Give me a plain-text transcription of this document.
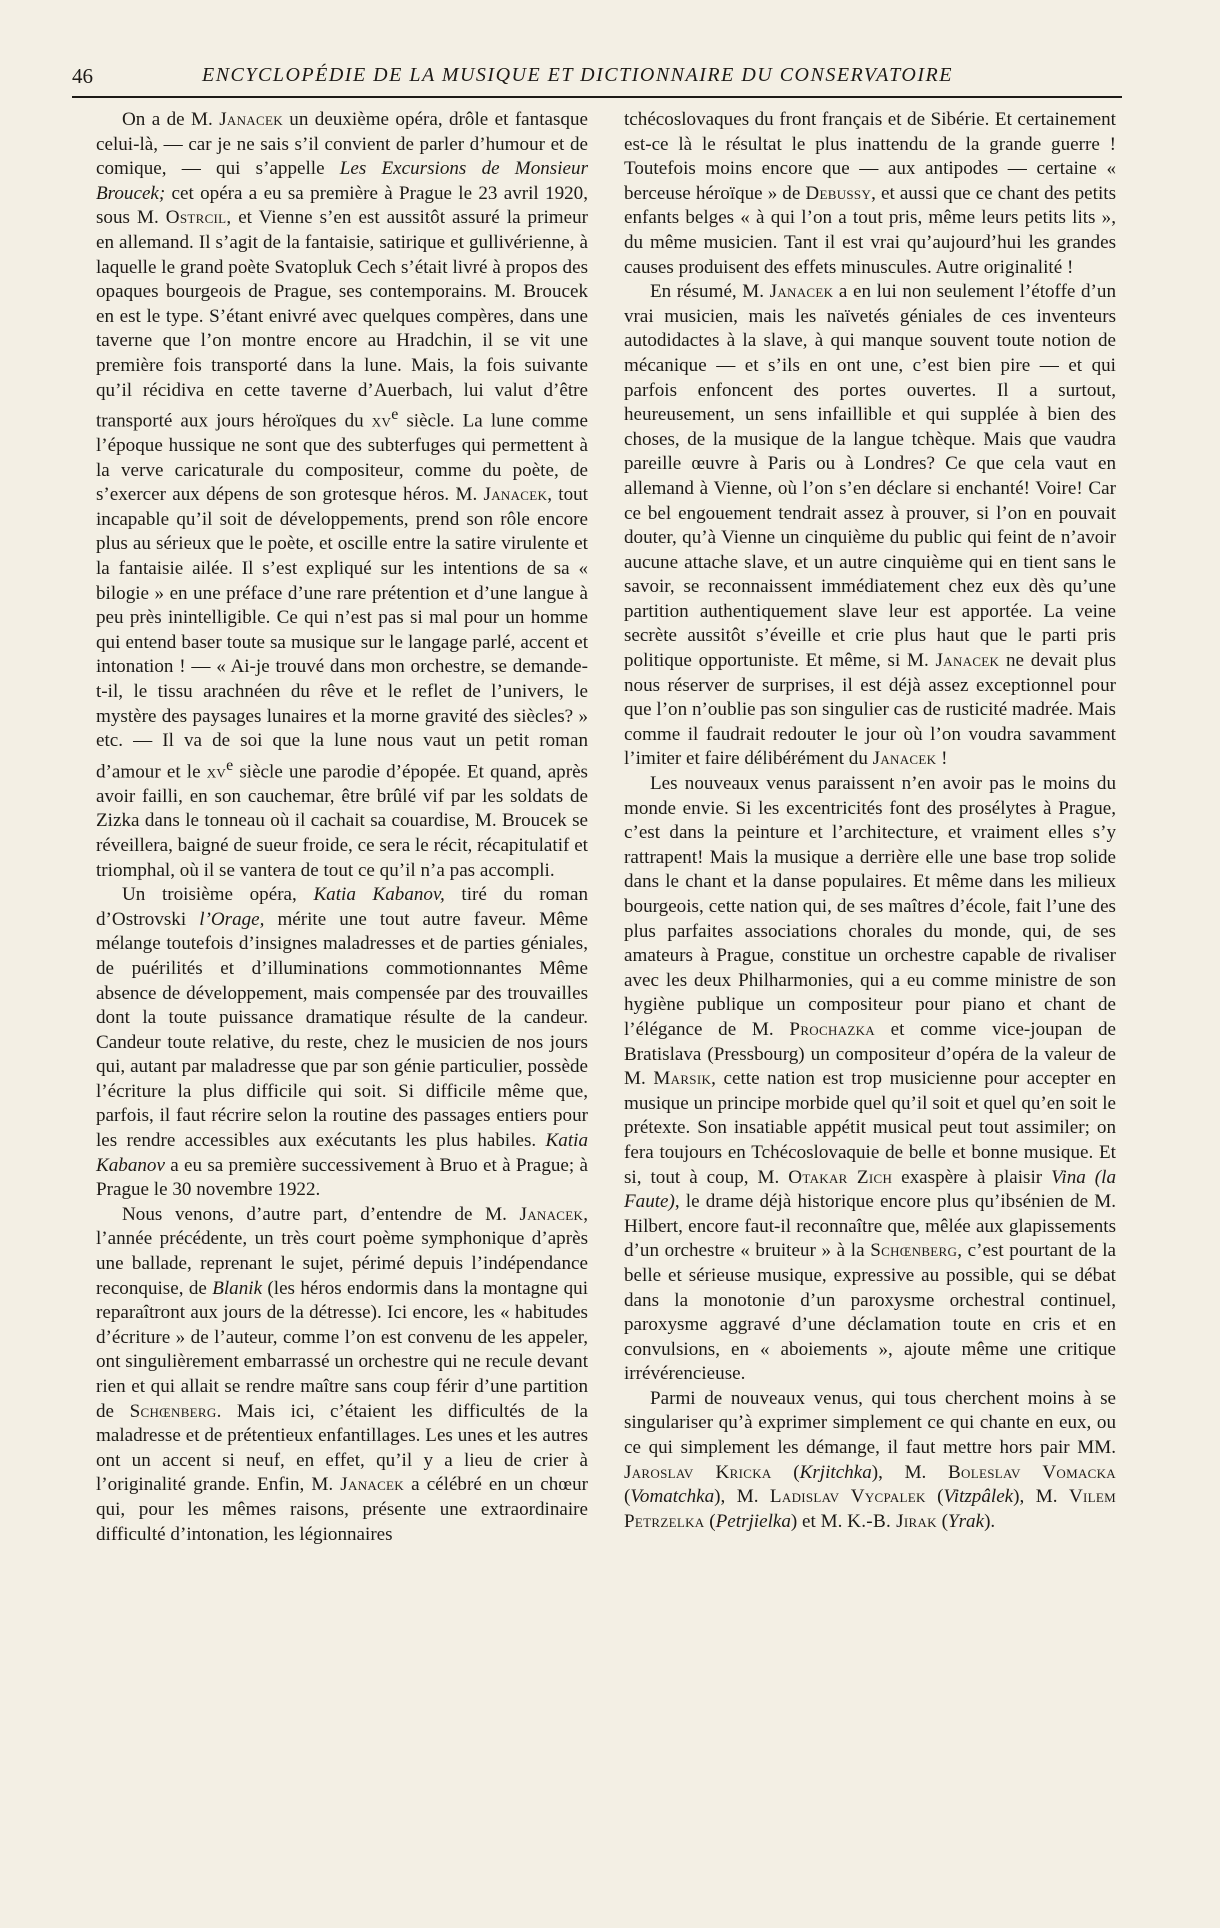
46	ENCYCLOPÉDIE DE LA MUSIQUE ET DICTIONNAIRE DU CONSERVATOIRE

On a de M. Janacek un deuxième opéra, drôle et fantasque celui-là, — car je ne sais s’il convient de parler d’humour et de comique, — qui s’appelle Les Excursions de Monsieur Broucek; cet opéra a eu sa première à Prague le 23 avril 1920, sous M. Ostrcil, et Vienne s’en est aussitôt assuré la primeur en allemand. Il s’agit de la fantaisie, satirique et gullivérienne, à laquelle le grand poète Svatopluk Cech s’était livré à propos des opaques bourgeois de Prague, ses contemporains. M. Broucek en est le type. S’étant enivré avec quelques compères, dans une taverne que l’on montre encore au Hradchin, il se vit une première fois transporté dans la lune. Mais, la fois suivante qu’il récidiva en cette taverne d’Auerbach, lui valut d’être transporté aux jours héroïques du $xv^e$ siècle. La lune comme l’époque hussique ne sont que des subterfuges qui permettent à la verve caricaturale du compositeur, comme du poète, de s’exercer aux dépens de son grotesque héros. M. Janacek, tout incapable qu’il soit de développements, prend son rôle encore plus au sérieux que le poète, et oscille entre la satire virulente et la fantaisie ailée. Il s’est expliqué sur les intentions de sa « bilogie » en une préface d’une rare prétention et d’une langue à peu près inintelligible. Ce qui n’est pas si mal pour un homme qui entend baser toute sa musique sur le langage parlé, accent et intonation ! — « Ai-je trouvé dans mon orchestre, se demande-t-il, le tissu arachnéen du rêve et le reflet de l’univers, le mystère des paysages lunaires et la morne gravité des siècles? » etc. — Il va de soi que la lune nous vaut un petit roman d’amour et le $xv^e$ siècle une parodie d’épopée. Et quand, après avoir failli, en son cauchemar, être brûlé vif par les soldats de Zizka dans le tonneau où il cachait sa couardise, M. Broucek se réveillera, baigné de sueur froide, ce sera le récit, récapitulatif et triomphal, où il se vantera de tout ce qu’il n’a pas accompli.

Un troisième opéra, Katia Kabanov, tiré du roman d’Ostrovski l’Orage, mérite une tout autre faveur. Même mélange toutefois d’insignes maladresses et de parties géniales, de puérilités et d’illuminations commotionnantes Même absence de développement, mais compensée par des trouvailles dont la toute puissance dramatique résulte de la candeur. Candeur toute relative, du reste, chez le musicien de nos jours qui, autant par maladresse que par son génie particulier, possède l’écriture la plus difficile qui soit. Si difficile même que, parfois, il faut récrire selon la routine des passages entiers pour les rendre accessibles aux exécutants les plus habiles. Katia Kabanov a eu sa première successivement à Bruo et à Prague; à Prague le 30 novembre 1922.

Nous venons, d’autre part, d’entendre de M. Janacek, l’année précédente, un très court poème symphonique d’après une ballade, reprenant le sujet, périmé depuis l’indépendance reconquise, de Blanik (les héros endormis dans la montagne qui reparaîtront aux jours de la détresse). Ici encore, les « habitudes d’écriture » de l’auteur, comme l’on est convenu de les appeler, ont singulièrement embarrassé un orchestre qui ne recule devant rien et qui allait se rendre maître sans coup férir d’une partition de Schœnberg. Mais ici, c’étaient les difficultés de la maladresse et de prétentieux enfantillages. Les unes et les autres ont un accent si neuf, en effet, qu’il y a lieu de crier à l’originalité grande. Enfin, M. Janacek a célébré en un chœur qui, pour les mêmes raisons, présente une extraordinaire difficulté d’intonation, les légionnaires

tchécoslovaques du front français et de Sibérie. Et certainement est-ce là le résultat le plus inattendu de la grande guerre ! Toutefois moins encore que — aux antipodes — certaine « berceuse héroïque » de Debussy, et aussi que ce chant des petits enfants belges « à qui l’on a tout pris, même leurs petits lits », du même musicien. Tant il est vrai qu’aujourd’hui les grandes causes produisent des effets minuscules. Autre originalité !

En résumé, M. Janacek a en lui non seulement l’étoffe d’un vrai musicien, mais les naïvetés géniales de ces inventeurs autodidactes à la slave, à qui manque souvent toute notion de mécanique — et s’ils en ont une, c’est bien pire — et qui parfois enfoncent des portes ouvertes. Il a surtout, heureusement, un sens infaillible et qui supplée à bien des choses, de la musique de la langue tchèque. Mais que vaudra pareille œuvre à Paris ou à Londres? Ce que cela vaut en allemand à Vienne, où l’on s’en déclare si enchanté! Voire! Car ce bel engouement tendrait assez à prouver, si l’on en pouvait douter, qu’à Vienne un cinquième du public qui feint de n’avoir aucune attache slave, et un autre cinquième qui en tient sans le savoir, se reconnaissent immédiatement chez eux dès qu’une partition authentiquement slave leur est apportée. La veine secrète aussitôt s’éveille et crie plus haut que le parti pris politique opportuniste. Et même, si M. Janacek ne devait plus nous réserver de surprises, il est déjà assez exceptionnel pour que l’on n’oublie pas son singulier cas de rusticité madrée. Mais comme il faudrait redouter le jour où l’on voudra savamment l’imiter et faire délibérément du Janacek !

Les nouveaux venus paraissent n’en avoir pas le moins du monde envie. Si les excentricités font des prosélytes à Prague, c’est dans la peinture et l’architecture, et vraiment elles s’y rattrapent! Mais la musique a derrière elle une base trop solide dans le chant et la danse populaires. Et même dans les milieux bourgeois, cette nation qui, de ses maîtres d’école, fait l’une des plus parfaites associations chorales du monde, qui, de ses amateurs à Prague, constitue un orchestre capable de rivaliser avec les deux Philharmonies, qui a eu comme ministre de son hygiène publique un compositeur pour piano et chant de l’élégance de M. Prochazka et comme vice-joupan de Bratislava (Pressbourg) un compositeur d’opéra de la valeur de M. Marsik, cette nation est trop musicienne pour accepter en musique un principe morbide quel qu’il soit et quel qu’en soit le prétexte. Son insatiable appétit musical peut tout assimiler; on fera toujours en Tchécoslovaquie de belle et bonne musique. Et si, tout à coup, M. Otakar Zich exaspère à plaisir Vina (la Faute), le drame déjà historique encore plus qu’ibsénien de M. Hilbert, encore faut-il reconnaître que, mêlée aux glapissements d’un orchestre « bruiteur » à la Schœnberg, c’est pourtant de la belle et sérieuse musique, expressive au possible, qui se débat dans la monotonie d’un paroxysme orchestral continuel, paroxysme aggravé d’une déclamation toute en cris et en convulsions, en « aboiements », ajoute même une critique irrévérencieuse.

Parmi de nouveaux venus, qui tous cherchent moins à se singulariser qu’à exprimer simplement ce qui chante en eux, ou ce qui simplement les démange, il faut mettre hors pair MM. Jaroslav Kricka (Krjitchka), M. Boleslav Vomacka (Vomatchka), M. Ladislav Vycpalek (Vitzpâlek), M. Vilem Petrzelka (Petrjielka) et M. K.-B. Jirak (Yrak).
